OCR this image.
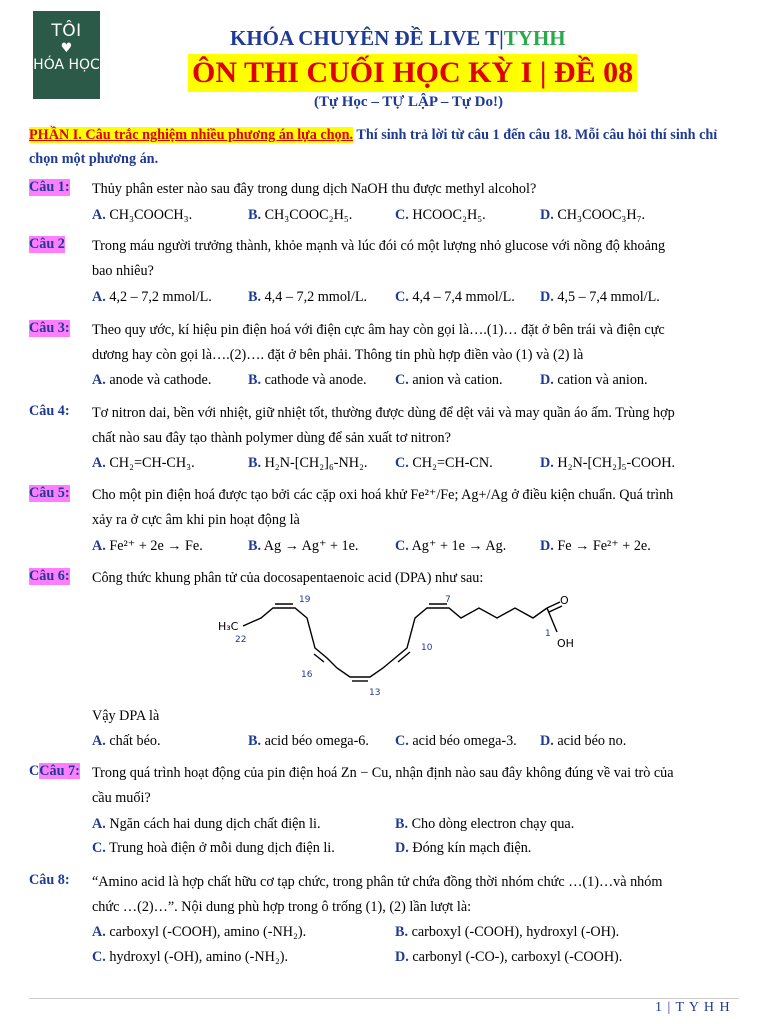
TÔI
♥
HÓA HỌC
KHÓA CHUYÊN ĐỀ LIVE T|TYHH
ÔN THI CUỐI HỌC KỲ I | ĐỀ 08
(Tự Học – TỰ LẬP – Tự Do!)
PHẦN I. Câu trắc nghiệm nhiều phương án lựa chọn. Thí sinh trả lời từ câu 1 đến câu 18. Mỗi câu hỏi thí sinh chỉ chọn một phương án.
Câu 1: Thủy phân ester nào sau đây trong dung dịch NaOH thu được methyl alcohol?
A. CH₃COOCH₃.	B. CH₃COOC₂H₅.	C. HCOOC₂H₅.	D. CH₃COOC₃H₇.
Câu 2 Trong máu người trưởng thành, khỏe mạnh và lúc đói có một lượng nhỏ glucose với nồng độ khoảng
bao nhiêu?
A. 4,2 – 7,2 mmol/L.	B. 4,4 – 7,2 mmol/L. C. 4,4 – 7,4 mmol/L. D. 4,5 – 7,4 mmol/L.
Câu 3: Theo quy ước, kí hiệu pin điện hoá với điện cực âm hay còn gọi là….(1)… đặt ở bên trái và điện cực
dương hay còn gọi là….(2)…. đặt ở bên phải. Thông tin phù hợp điền vào (1) và (2) là
A. anode và cathode.	B. cathode và anode. C. anion và cation.	D. cation và anion.
Câu 4: Tơ nitron dai, bền với nhiệt, giữ nhiệt tốt, thường được dùng để dệt vải và may quần áo ấm. Trùng hợp
chất nào sau đây tạo thành polymer dùng để sản xuất tơ nitron?
A. CH₂=CH-CH₃.	B. H₂N-[CH₂]₆-NH₂. C. CH₂=CH-CN.	D. H₂N-[CH₂]₅-COOH.
Câu 5: Cho một pin điện hoá được tạo bởi các cặp oxi hoá khử Fe²⁺/Fe; Ag+/Ag ở điều kiện chuẩn. Quá trình
xảy ra ở cực âm khi pin hoạt động là
A. Fe²⁺ + 2e → Fe.	B. Ag → Ag⁺ + 1e.	C. Ag⁺ + 1e → Ag. D. Fe → Fe²⁺ + 2e.
Câu 6: Công thức khung phân tử của docosapentaenoic acid (DPA) như sau:
H₃C
O
OH
22
19
16
13
10
7
1
Vậy DPA là
A. chất béo.	B. acid béo omega-6. C. acid béo omega-3. D. acid béo no.
CCâu 7: Trong quá trình hoạt động của pin điện hoá Zn − Cu, nhận định nào sau đây không đúng về vai trò của
cầu muối?
A. Ngăn cách hai dung dịch chất điện li.	B. Cho dòng electron chạy qua.
C. Trung hoà điện ở mỗi dung dịch điện li.	D. Đóng kín mạch điện.
Câu 8: “Amino acid là hợp chất hữu cơ tạp chức, trong phân tử chứa đồng thời nhóm chức …(1)…và nhóm
chức …(2)…”. Nội dung phù hợp trong ô trống (1), (2) lần lượt là:
A. carboxyl (-COOH), amino (-NH₂).	B. carboxyl (-COOH), hydroxyl (-OH).
C. hydroxyl (-OH), amino (-NH₂).	D. carbonyl (-CO-), carboxyl (-COOH).
1 | T Y H H
